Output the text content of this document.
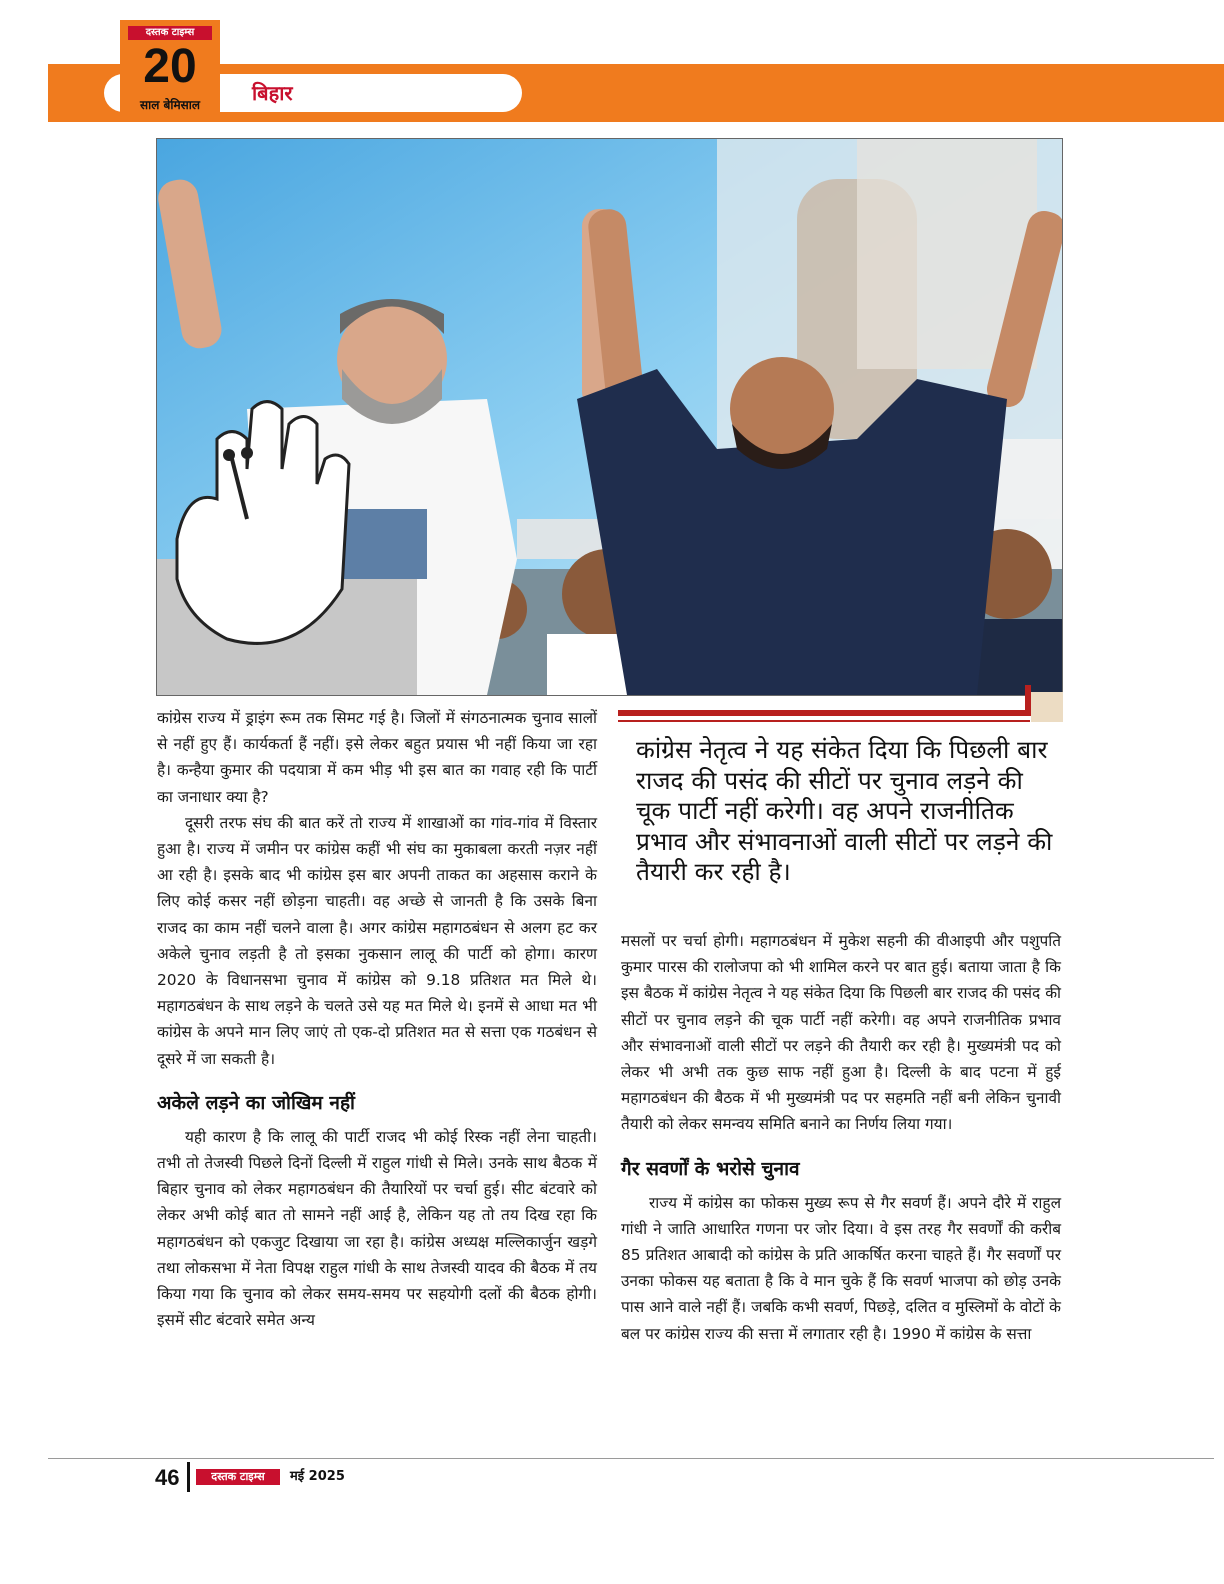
बिहार
दस्तक टाइम्स
20
साल बेमिसाल

कांग्रेस राज्य में ड्राइंग रूम तक सिमट गई है। जिलों में संगठनात्मक चुनाव सालों से नहीं हुए हैं। कार्यकर्ता हैं नहीं। इसे लेकर बहुत प्रयास भी नहीं किया जा रहा है। कन्हैया कुमार की पदयात्रा में कम भीड़ भी इस बात का गवाह रही कि पार्टी का जनाधार क्या है?

दूसरी तरफ संघ की बात करें तो राज्य में शाखाओं का गांव-गांव में विस्तार हुआ है। राज्य में जमीन पर कांग्रेस कहीं भी संघ का मुकाबला करती नज़र नहीं आ रही है। इसके बाद भी कांग्रेस इस बार अपनी ताकत का अहसास कराने के लिए कोई कसर नहीं छोड़ना चाहती। वह अच्छे से जानती है कि उसके बिना राजद का काम नहीं चलने वाला है। अगर कांग्रेस महागठबंधन से अलग हट कर अकेले चुनाव लड़ती है तो इसका नुकसान लालू की पार्टी को होगा। कारण 2020 के विधानसभा चुनाव में कांग्रेस को 9.18 प्रतिशत मत मिले थे। महागठबंधन के साथ लड़ने के चलते उसे यह मत मिले थे। इनमें से आधा मत भी कांग्रेस के अपने मान लिए जाएं तो एक-दो प्रतिशत मत से सत्ता एक गठबंधन से दूसरे में जा सकती है।

अकेले लड़ने का जोखिम नहीं

यही कारण है कि लालू की पार्टी राजद भी कोई रिस्क नहीं लेना चाहती। तभी तो तेजस्वी पिछले दिनों दिल्ली में राहुल गांधी से मिले। उनके साथ बैठक में बिहार चुनाव को लेकर महागठबंधन की तैयारियों पर चर्चा हुई। सीट बंटवारे को लेकर अभी कोई बात तो सामने नहीं आई है, लेकिन यह तो तय दिख रहा कि महागठबंधन को एकजुट दिखाया जा रहा है। कांग्रेस अध्यक्ष मल्लिकार्जुन खड़गे तथा लोकसभा में नेता विपक्ष राहुल गांधी के साथ तेजस्वी यादव की बैठक में तय किया गया कि चुनाव को लेकर समय-समय पर सहयोगी दलों की बैठक होगी। इसमें सीट बंटवारे समेत अन्य

कांग्रेस नेतृत्व ने यह संकेत दिया कि पिछली बार राजद की पसंद की सीटों पर चुनाव लड़ने की चूक पार्टी नहीं करेगी। वह अपने राजनीतिक प्रभाव और संभावनाओं वाली सीटों पर लड़ने की तैयारी कर रही है।

मसलों पर चर्चा होगी। महागठबंधन में मुकेश सहनी की वीआइपी और पशुपति कुमार पारस की रालोजपा को भी शामिल करने पर बात हुई। बताया जाता है कि इस बैठक में कांग्रेस नेतृत्व ने यह संकेत दिया कि पिछली बार राजद की पसंद की सीटों पर चुनाव लड़ने की चूक पार्टी नहीं करेगी। वह अपने राजनीतिक प्रभाव और संभावनाओं वाली सीटों पर लड़ने की तैयारी कर रही है। मुख्यमंत्री पद को लेकर भी अभी तक कुछ साफ नहीं हुआ है। दिल्ली के बाद पटना में हुई महागठबंधन की बैठक में भी मुख्यमंत्री पद पर सहमति नहीं बनी लेकिन चुनावी तैयारी को लेकर समन्वय समिति बनाने का निर्णय लिया गया।

गैर सवर्णों के भरोसे चुनाव

राज्य में कांग्रेस का फोकस मुख्य रूप से गैर सवर्ण हैं। अपने दौरे में राहुल गांधी ने जाति आधारित गणना पर जोर दिया। वे इस तरह गैर सवर्णों की करीब 85 प्रतिशत आबादी को कांग्रेस के प्रति आकर्षित करना चाहते हैं। गैर सवर्णों पर उनका फोकस यह बताता है कि वे मान चुके हैं कि सवर्ण भाजपा को छोड़ उनके पास आने वाले नहीं हैं। जबकि कभी सवर्ण, पिछड़े, दलित व मुस्लिमों के वोटों के बल पर कांग्रेस राज्य की सत्ता में लगातार रही है। 1990 में कांग्रेस के सत्ता

46	दस्तक टाइम्स	मई 2025
